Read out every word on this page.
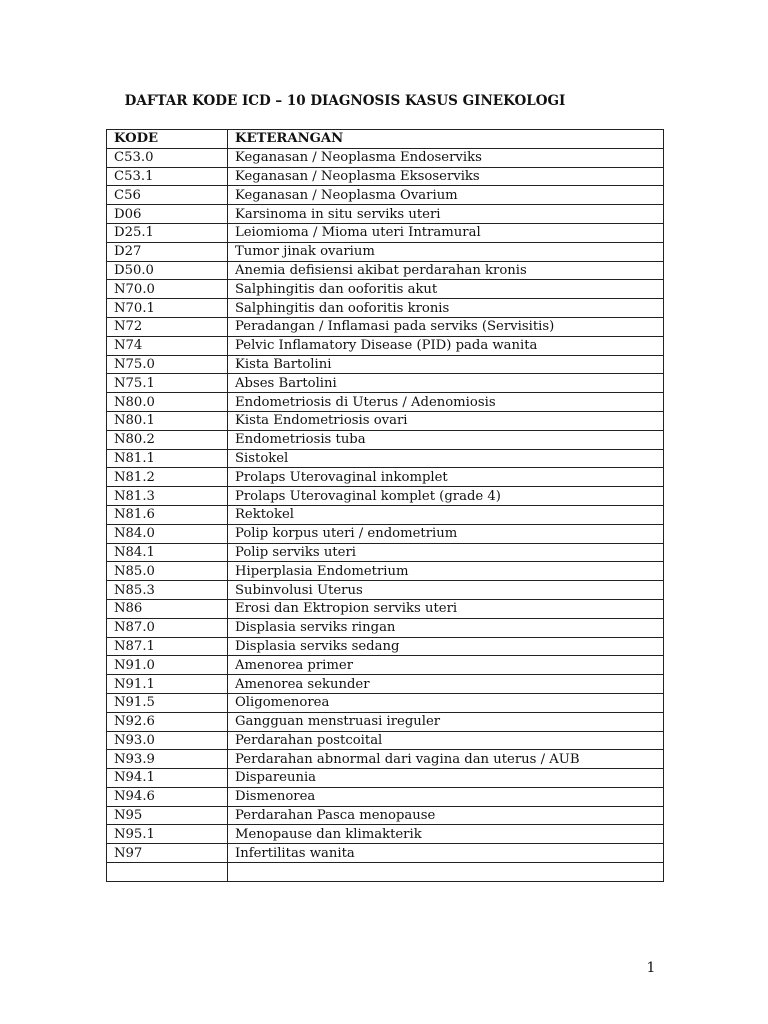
DAFTAR KODE ICD – 10 DIAGNOSIS KASUS GINEKOLOGI
KODE	KETERANGAN
C53.0	Keganasan / Neoplasma Endoserviks
C53.1	Keganasan / Neoplasma Eksoserviks
C56	Keganasan / Neoplasma Ovarium
D06	Karsinoma in situ serviks uteri
D25.1	Leiomioma / Mioma uteri Intramural
D27	Tumor jinak ovarium
D50.0	Anemia defisiensi akibat perdarahan kronis
N70.0	Salphingitis dan ooforitis akut
N70.1	Salphingitis dan ooforitis kronis
N72	Peradangan / Inflamasi pada serviks (Servisitis)
N74	Pelvic Inflamatory Disease (PID) pada wanita
N75.0	Kista Bartolini
N75.1	Abses Bartolini
N80.0	Endometriosis di Uterus / Adenomiosis
N80.1	Kista Endometriosis ovari
N80.2	Endometriosis tuba
N81.1	Sistokel
N81.2	Prolaps Uterovaginal inkomplet
N81.3	Prolaps Uterovaginal komplet (grade 4)
N81.6	Rektokel
N84.0	Polip korpus uteri / endometrium
N84.1	Polip serviks uteri
N85.0	Hiperplasia Endometrium
N85.3	Subinvolusi Uterus
N86	Erosi dan Ektropion serviks uteri
N87.0	Displasia serviks ringan
N87.1	Displasia serviks sedang
N91.0	Amenorea primer
N91.1	Amenorea sekunder
N91.5	Oligomenorea
N92.6	Gangguan menstruasi ireguler
N93.0	Perdarahan postcoital
N93.9	Perdarahan abnormal dari vagina dan uterus / AUB
N94.1	Dispareunia
N94.6	Dismenorea
N95	Perdarahan Pasca menopause
N95.1	Menopause dan klimakterik
N97	Infertilitas wanita

1
